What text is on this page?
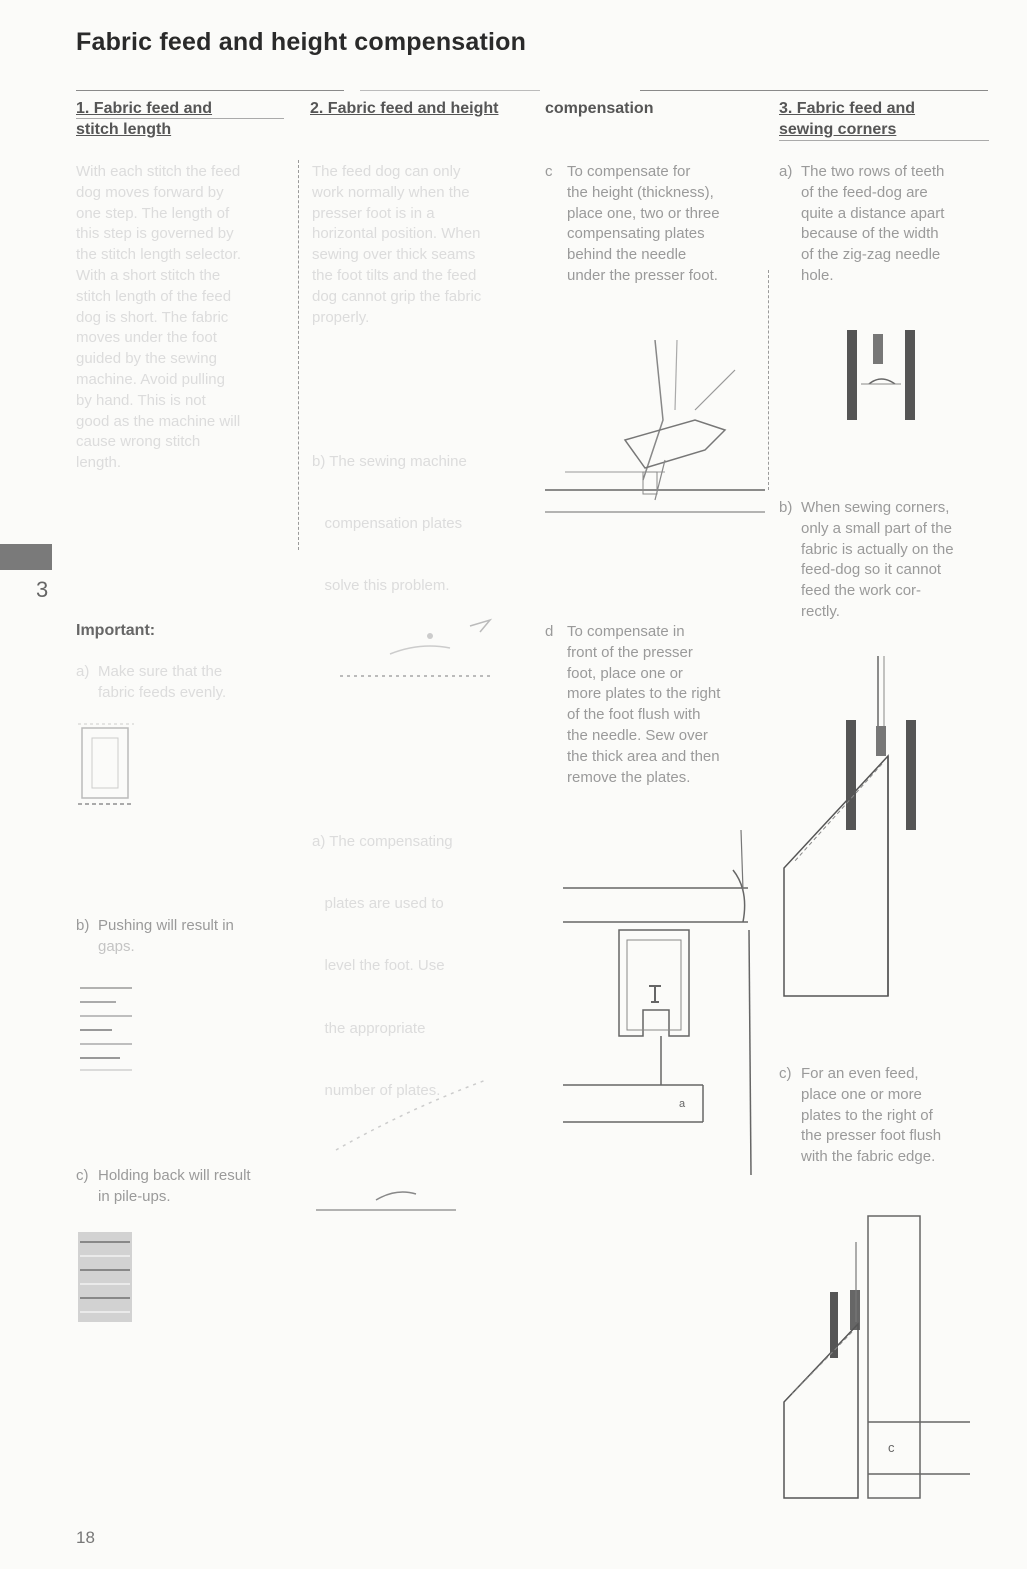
Fabric feed and height compensation
3
1. Fabric feed and
stitch length
With each stitch the feed
dog moves forward by
one step. The length of
this step is governed by
the stitch length selector.
With a short stitch the
stitch length of the feed
dog is short. The fabric
moves under the foot
guided by the sewing
machine. Avoid pulling
by hand. This is not
good as the machine will
cause wrong stitch
length.
Important:
a) Make sure that the
fabric feeds evenly.
b) Pushing will result in
gaps.
c) Holding back will result
in pile-ups.
2. Fabric feed and height	compensation
The feed dog can only
work normally when the
presser foot is in a
horizontal position. When
sewing over thick seams
the foot tilts and the feed
dog cannot grip the fabric
properly.

b) The sewing machine

compensation plates

solve this problem.

a) The compensating

plates are used to

level the foot. Use

the appropriate

number of plates.

c To compensate for
the height (thickness),
place one, two or three
compensating plates
behind the needle
under the presser foot.
d To compensate in
front of the presser
foot, place one or
more plates to the right
of the foot flush with
the needle. Sew over
the thick area and then
remove the plates.
a
3. Fabric feed and
sewing corners
a) The two rows of teeth
of the feed-dog are
quite a distance apart
because of the width
of the zig-zag needle
hole.
b) When sewing corners,
only a small part of the
fabric is actually on the
feed-dog so it cannot
feed the work cor-
rectly.
c) For an even feed,
place one or more
plates to the right of
the presser foot flush
with the fabric edge.
c
18
